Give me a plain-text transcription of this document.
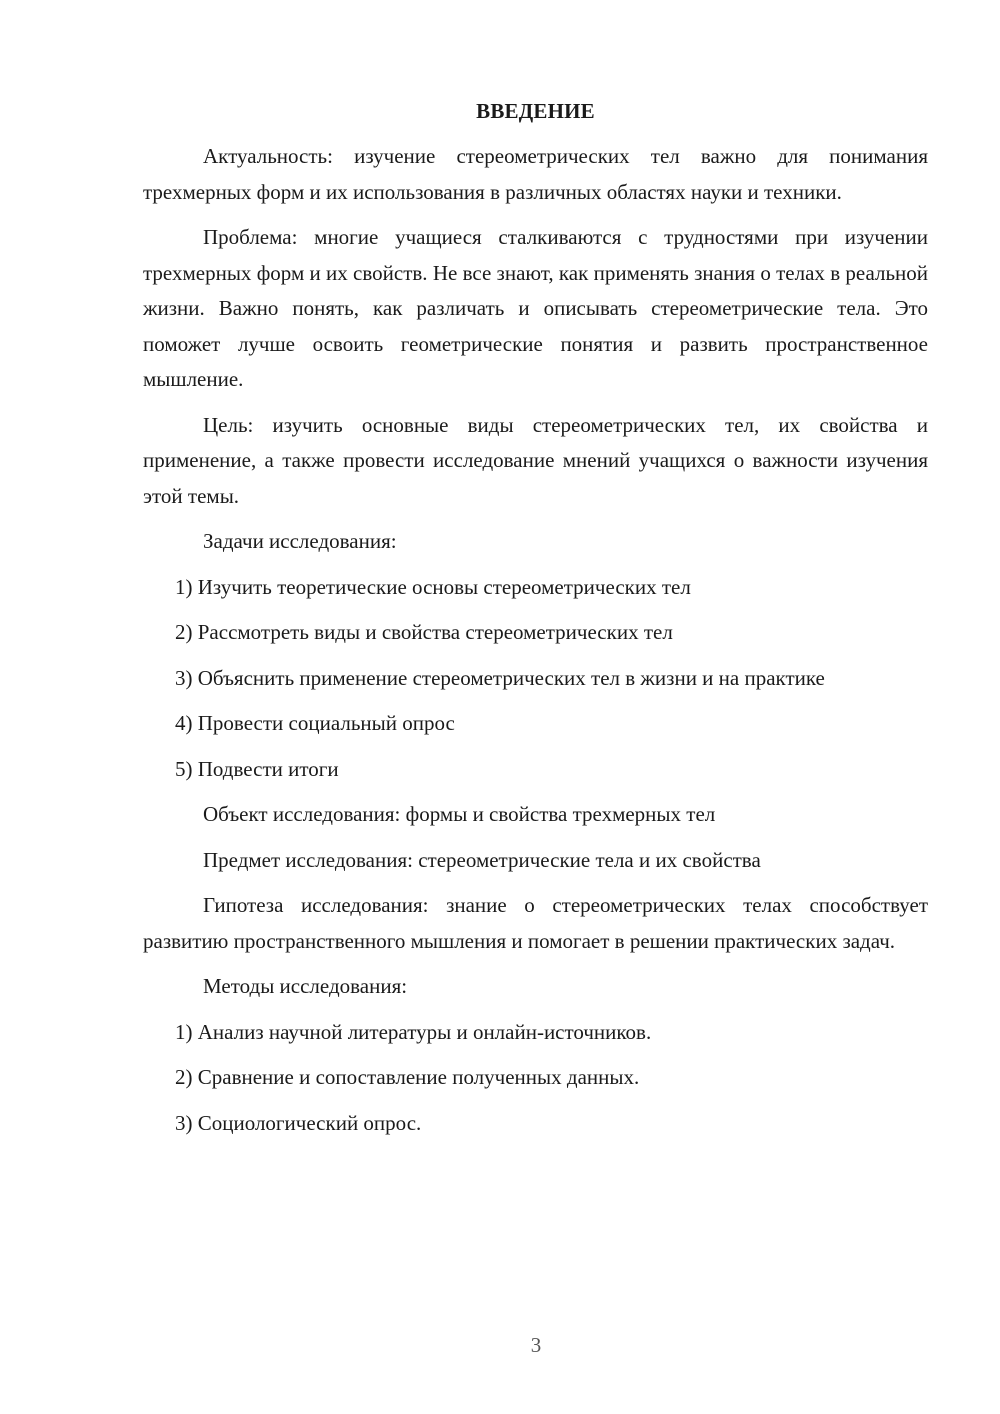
ВВЕДЕНИЕ

Актуальность: изучение стереометрических тел важно для понимания трехмерных форм и их использования в различных областях науки и техники.

Проблема: многие учащиеся сталкиваются с трудностями при изучении трехмерных форм и их свойств. Не все знают, как применять знания о телах в реальной жизни. Важно понять, как различать и описывать стереометрические тела. Это поможет лучше освоить геометрические понятия и развить пространственное мышление.

Цель: изучить основные виды стереометрических тел, их свойства и применение, а также провести исследование мнений учащихся о важности изучения этой темы.

Задачи исследования:

1) Изучить теоретические основы стереометрических тел

2) Рассмотреть виды и свойства стереометрических тел

3) Объяснить применение стереометрических тел в жизни и на практике

4) Провести социальный опрос

5) Подвести итоги

Объект исследования: формы и свойства трехмерных тел

Предмет исследования: стереометрические тела и их свойства

Гипотеза исследования: знание о стереометрических телах способствует развитию пространственного мышления и помогает в решении практических задач.

Методы исследования:

1) Анализ научной литературы и онлайн-источников.

2) Сравнение и сопоставление полученных данных.

3) Социологический опрос.

3
